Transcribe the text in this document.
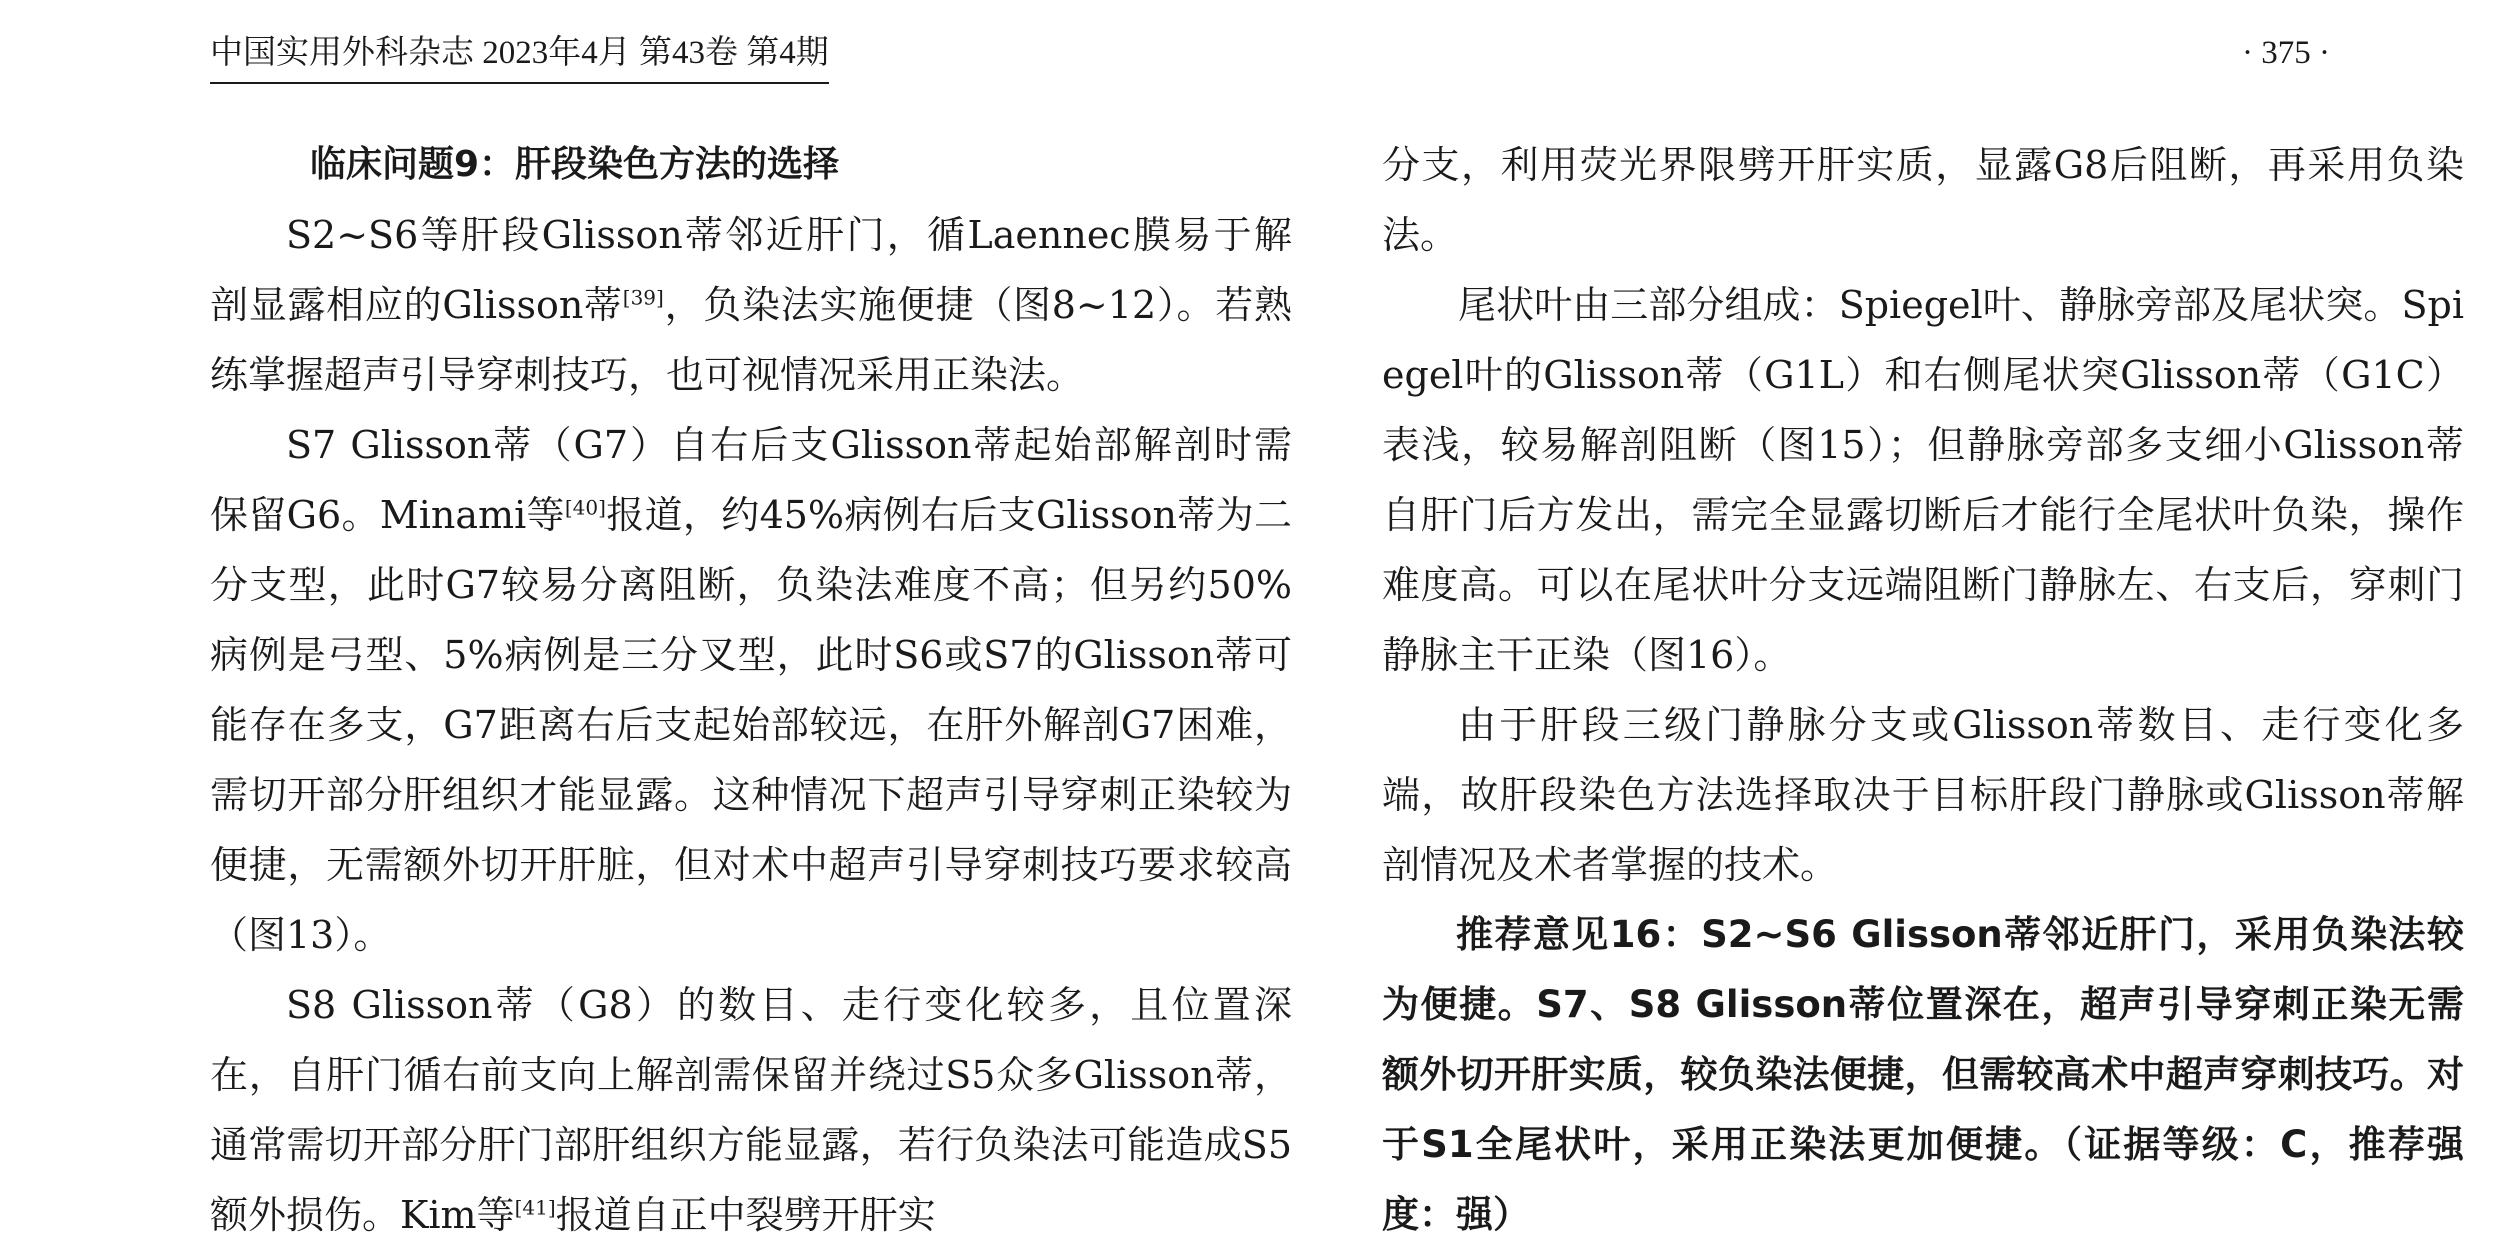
中国实用外科杂志 2023年4月 第43卷 第4期	· 375 ·
临床问题9：肝段染色方法的选择

S2~S6等肝段Glisson蒂邻近肝门，循Laennec膜易于解剖显露相应的Glisson蒂[39]，负染法实施便捷（图8~12）。若熟练掌握超声引导穿刺技巧，也可视情况采用正染法。

S7 Glisson蒂（G7）自右后支Glisson蒂起始部解剖时需保留G6。Minami等[40]报道，约45%病例右后支Glisson蒂为二分支型，此时G7较易分离阻断，负染法难度不高；但另约50%病例是弓型、5%病例是三分叉型，此时S6或S7的Glisson蒂可能存在多支，G7距离右后支起始部较远，在肝外解剖G7困难，需切开部分肝组织才能显露。这种情况下超声引导穿刺正染较为便捷，无需额外切开肝脏，但对术中超声引导穿刺技巧要求较高（图13）。

S8 Glisson蒂（G8）的数目、走行变化较多，且位置深在，自肝门循右前支向上解剖需保留并绕过S5众多Glisson蒂，通常需切开部分肝门部肝组织方能显露，若行负染法可能造成S5额外损伤。Kim等[41]报道自正中裂劈开肝实

分支，利用荧光界限劈开肝实质，显露G8后阻断，再采用负染法。

尾状叶由三部分组成：Spiegel叶、静脉旁部及尾状突。Spiegel叶的Glisson蒂（G1L）和右侧尾状突Glisson蒂（G1C）表浅，较易解剖阻断（图15）；但静脉旁部多支细小Glisson蒂自肝门后方发出，需完全显露切断后才能行全尾状叶负染，操作难度高。可以在尾状叶分支远端阻断门静脉左、右支后，穿刺门静脉主干正染（图16）。

由于肝段三级门静脉分支或Glisson蒂数目、走行变化多端，故肝段染色方法选择取决于目标肝段门静脉或Glisson蒂解剖情况及术者掌握的技术。

推荐意见16：S2~S6 Glisson蒂邻近肝门，采用负染法较为便捷。S7、S8 Glisson蒂位置深在，超声引导穿刺正染无需额外切开肝实质，较负染法便捷，但需较高术中超声穿刺技巧。对于S1全尾状叶，采用正染法更加便捷。（证据等级：C，推荐强度：强）
